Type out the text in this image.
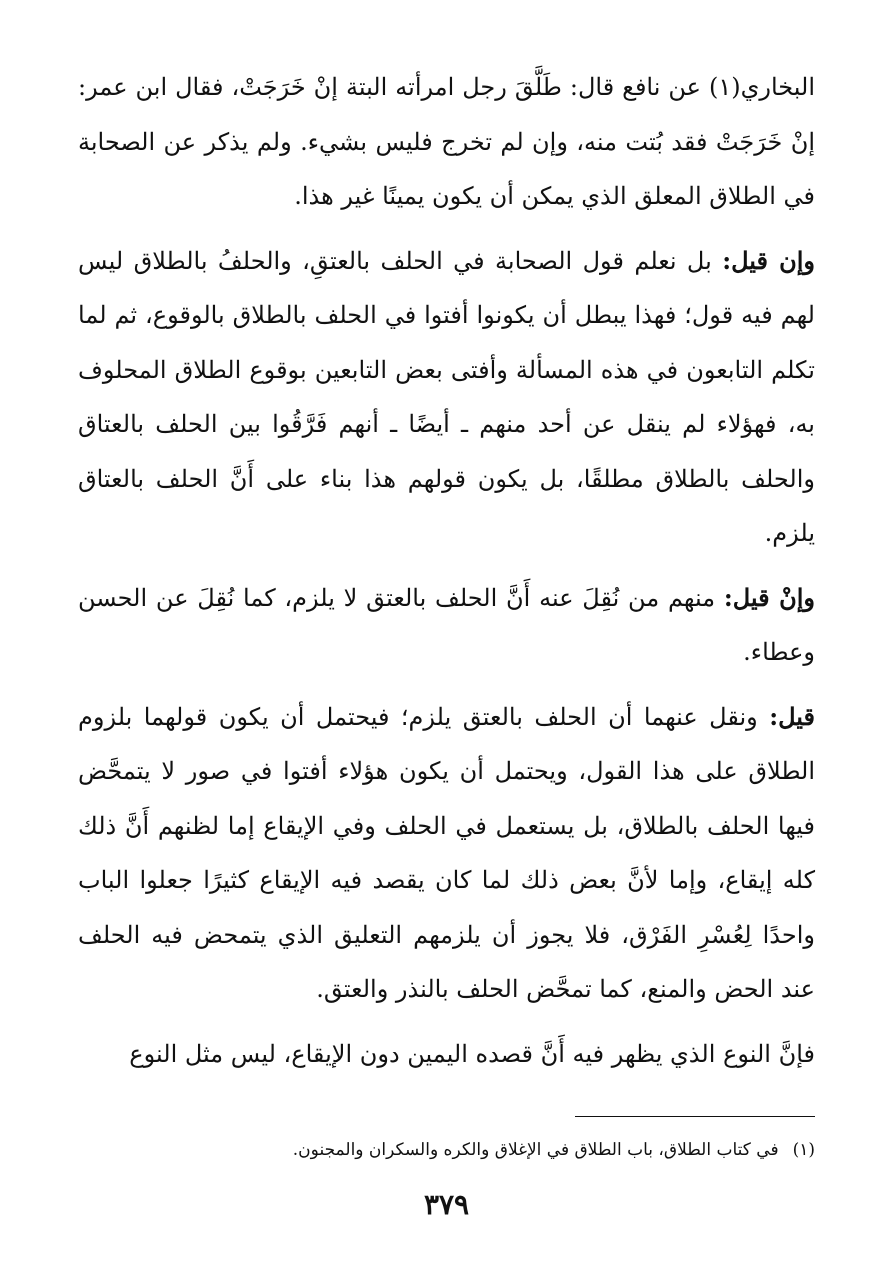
البخاري(١) عن نافع قال: طَلَّقَ رجل امرأته البتة إنْ خَرَجَتْ، فقال ابن عمر: إنْ خَرَجَتْ فقد بُتت منه، وإن لم تخرج فليس بشيء. ولم يذكر عن الصحابة في الطلاق المعلق الذي يمكن أن يكون يمينًا غير هذا.

وإن قيل: بل نعلم قول الصحابة في الحلف بالعتقِ، والحلفُ بالطلاق ليس لهم فيه قول؛ فهذا يبطل أن يكونوا أفتوا في الحلف بالطلاق بالوقوع، ثم لما تكلم التابعون في هذه المسألة وأفتى بعض التابعين بوقوع الطلاق المحلوف به، فهؤلاء لم ينقل عن أحد منهم ـ أيضًا ـ أنهم فَرَّقُوا بين الحلف بالعتاق والحلف بالطلاق مطلقًا، بل يكون قولهم هذا بناء على أَنَّ الحلف بالعتاق يلزم.

وإنْ قيل: منهم من نُقِلَ عنه أَنَّ الحلف بالعتق لا يلزم، كما نُقِلَ عن الحسن وعطاء.

قيل: ونقل عنهما أن الحلف بالعتق يلزم؛ فيحتمل أن يكون قولهما بلزوم الطلاق على هذا القول، ويحتمل أن يكون هؤلاء أفتوا في صور لا يتمحَّض فيها الحلف بالطلاق، بل يستعمل في الحلف وفي الإيقاع إما لظنهم أَنَّ ذلك كله إيقاع، وإما لأنَّ بعض ذلك لما كان يقصد فيه الإيقاع كثيرًا جعلوا الباب واحدًا لِعُسْرِ الفَرْق، فلا يجوز أن يلزمهم التعليق الذي يتمحض فيه الحلف عند الحض والمنع، كما تمحَّض الحلف بالنذر والعتق.

فإنَّ النوع الذي يظهر فيه أَنَّ قصده اليمين دون الإيقاع، ليس مثل النوع

(١)في كتاب الطلاق، باب الطلاق في الإغلاق والكره والسكران والمجنون.

٣٧٩
